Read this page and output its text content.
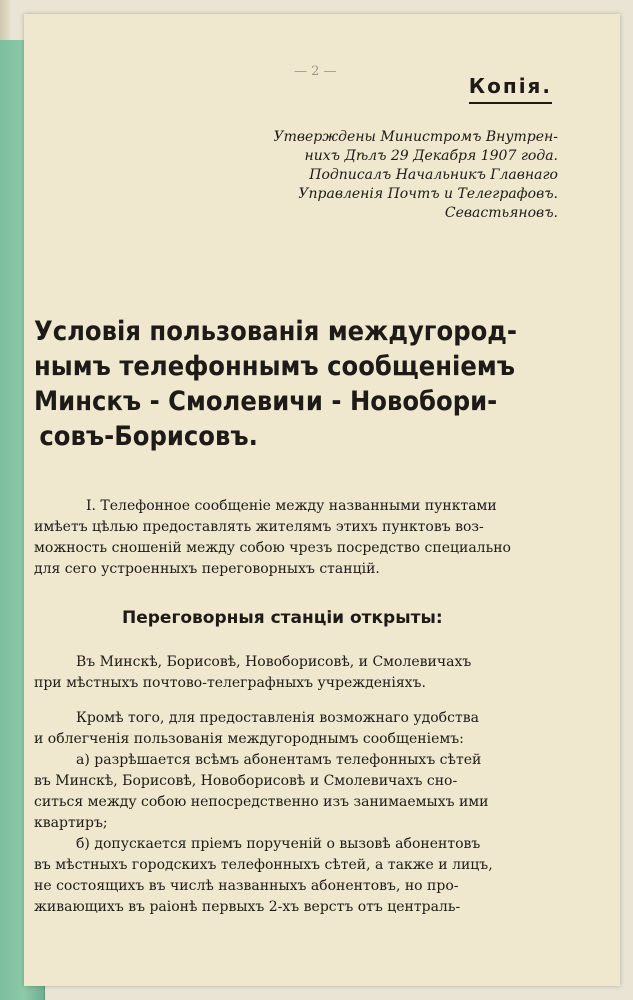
— 2 —
Копія.
Утверждены Министромъ Внутрен-
нихъ Дѣлъ 29 Декабря 1907 года.
Подписалъ Начальникъ Главнаго
Управленія Почтъ и Телеграфовъ.
Севастьяновъ.
Условія пользованія междугород-
нымъ телефоннымъ сообщеніемъ
Минскъ - Смолевичи - Новобори-
совъ-Борисовъ.
I. Телефонное сообщеніе между названными пунктами
имѣетъ цѣлью предоставлять жителямъ этихъ пунктовъ воз-
можность сношеній между собою чрезъ посредство специально
для сего устроенныхъ переговорныхъ станцій.
Переговорныя станціи открыты:
Въ Минскѣ, Борисовѣ, Новоборисовѣ, и Смолевичахъ
при мѣстныхъ почтово-телеграфныхъ учрежденіяхъ.
Кромѣ того, для предоставленія возможнаго удобства
и облегченія пользованія междугороднымъ сообщеніемъ:
а) разрѣшается всѣмъ абонентамъ телефонныхъ сѣтей
въ Минскѣ, Борисовѣ, Новоборисовѣ и Смолевичахъ сно-
ситься между собою непосредственно изъ занимаемыхъ ими
квартиръ;
б) допускается пріемъ порученій о вызовѣ абонентовъ
въ мѣстныхъ городскихъ телефонныхъ сѣтей, а также и лицъ,
не состоящихъ въ числѣ названныхъ абонентовъ, но про-
живающихъ въ раіонѣ первыхъ 2-хъ верстъ отъ централь-
